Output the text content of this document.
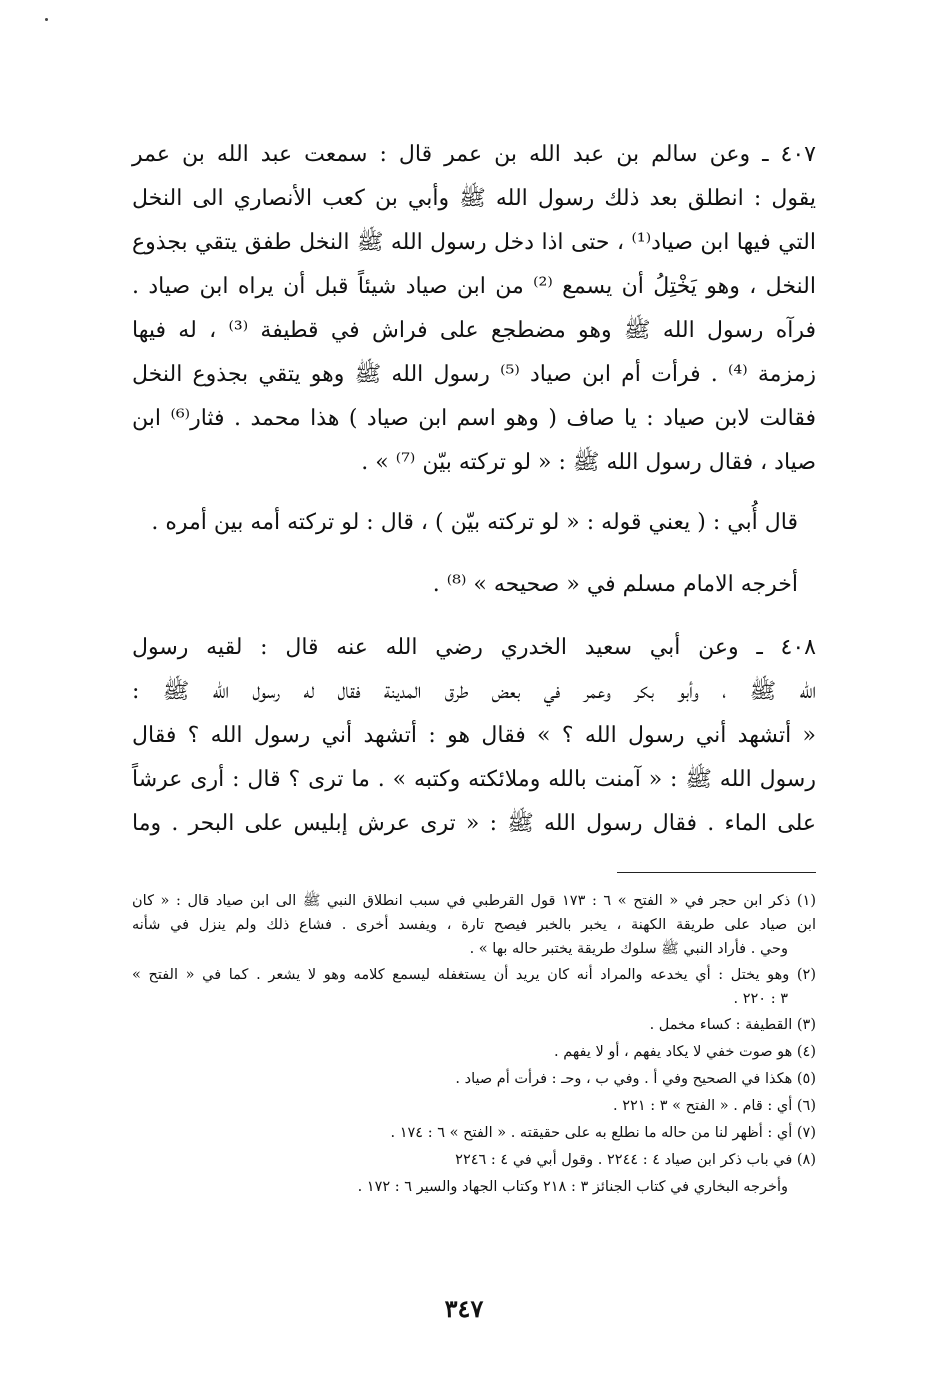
٤٠٧ ـ وعن سالم بن عبد الله بن عمر قال : سمعت عبد الله بن عمر
يقول : انطلق بعد ذلك رسول الله ﷺ وأبي بن كعب الأنصاري الى النخل
التي فيها ابن صياد⁽¹⁾ ، حتى اذا دخل رسول الله ﷺ النخل طفق يتقي بجذوع
النخل ، وهو يَخْتِلُ أن يسمع ⁽²⁾ من ابن صياد شيئاً قبل أن يراه ابن صياد .
فرآه رسول الله ﷺ وهو مضطجع على فراش في قطيفة ⁽³⁾ ، له فيها
زمزمة ⁽⁴⁾ . فرأت أم ابن صياد ⁽⁵⁾ رسول الله ﷺ وهو يتقي بجذوع النخل
فقالت لابن صياد : يا صاف ( وهو اسم ابن صياد ) هذا محمد . فثار⁽⁶⁾ ابن
صياد ، فقال رسول الله ﷺ : « لو تركته بيّن ⁽⁷⁾ » .
قال أُبي : ( يعني قوله : « لو تركته بيّن ) ، قال : لو تركته أمه بين أمره .
أخرجه الامام مسلم في « صحيحه » ⁽⁸⁾ .
٤٠٨ ـ وعن أبي سعيد الخدري رضي الله عنه قال : لقيه رسول
الله ﷺ ، وأبو بكر وعمر في بعض طرق المدينة فقال له رسول الله ﷺ :
« أتشهد أني رسول الله ؟ » فقال هو : أتشهد أني رسول الله ؟ فقال
رسول الله ﷺ : « آمنت بالله وملائكته وكتبه » . ما ترى ؟ قال : أرى عرشاً
على الماء . فقال رسول الله ﷺ : « ترى عرش إبليس على البحر . وما
(١) ذكر ابن حجر في « الفتح » ٦ : ١٧٣ قول القرطبي في سبب انطلاق النبي ﷺ الى ابن صياد قال : « كان
ابن صياد على طريقة الكهنة ، يخبر بالخبر فيصح تارة ، ويفسد أخرى . فشاع ذلك ولم ينزل في شأنه
وحي . فأراد النبي ﷺ سلوك طريقة يختبر حاله بها » .
(٢) وهو يختل : أي يخدعه والمراد أنه كان يريد أن يستغفله ليسمع كلامه وهو لا يشعر . كما في « الفتح »
٣ : ٢٢٠ .
(٣) القطيفة : كساء مخمل .
(٤) هو صوت خفي لا يكاد يفهم ، أو لا يفهم .
(٥) هكذا في الصحيح وفي أ . وفي ب ، وحـ : فرأت أم صياد .
(٦) أي : قام . « الفتح » ٣ : ٢٢١ .
(٧) أي : أظهر لنا من حاله ما نطلع به على حقيقته . « الفتح » ٦ : ١٧٤ .
(٨) في باب ذكر ابن صياد ٤ : ٢٢٤٤ . وقول أبي في ٤ : ٢٢٤٦
وأخرجه البخاري في كتاب الجنائز ٣ : ٢١٨ وكتاب الجهاد والسير ٦ : ١٧٢ .
٣٤٧
